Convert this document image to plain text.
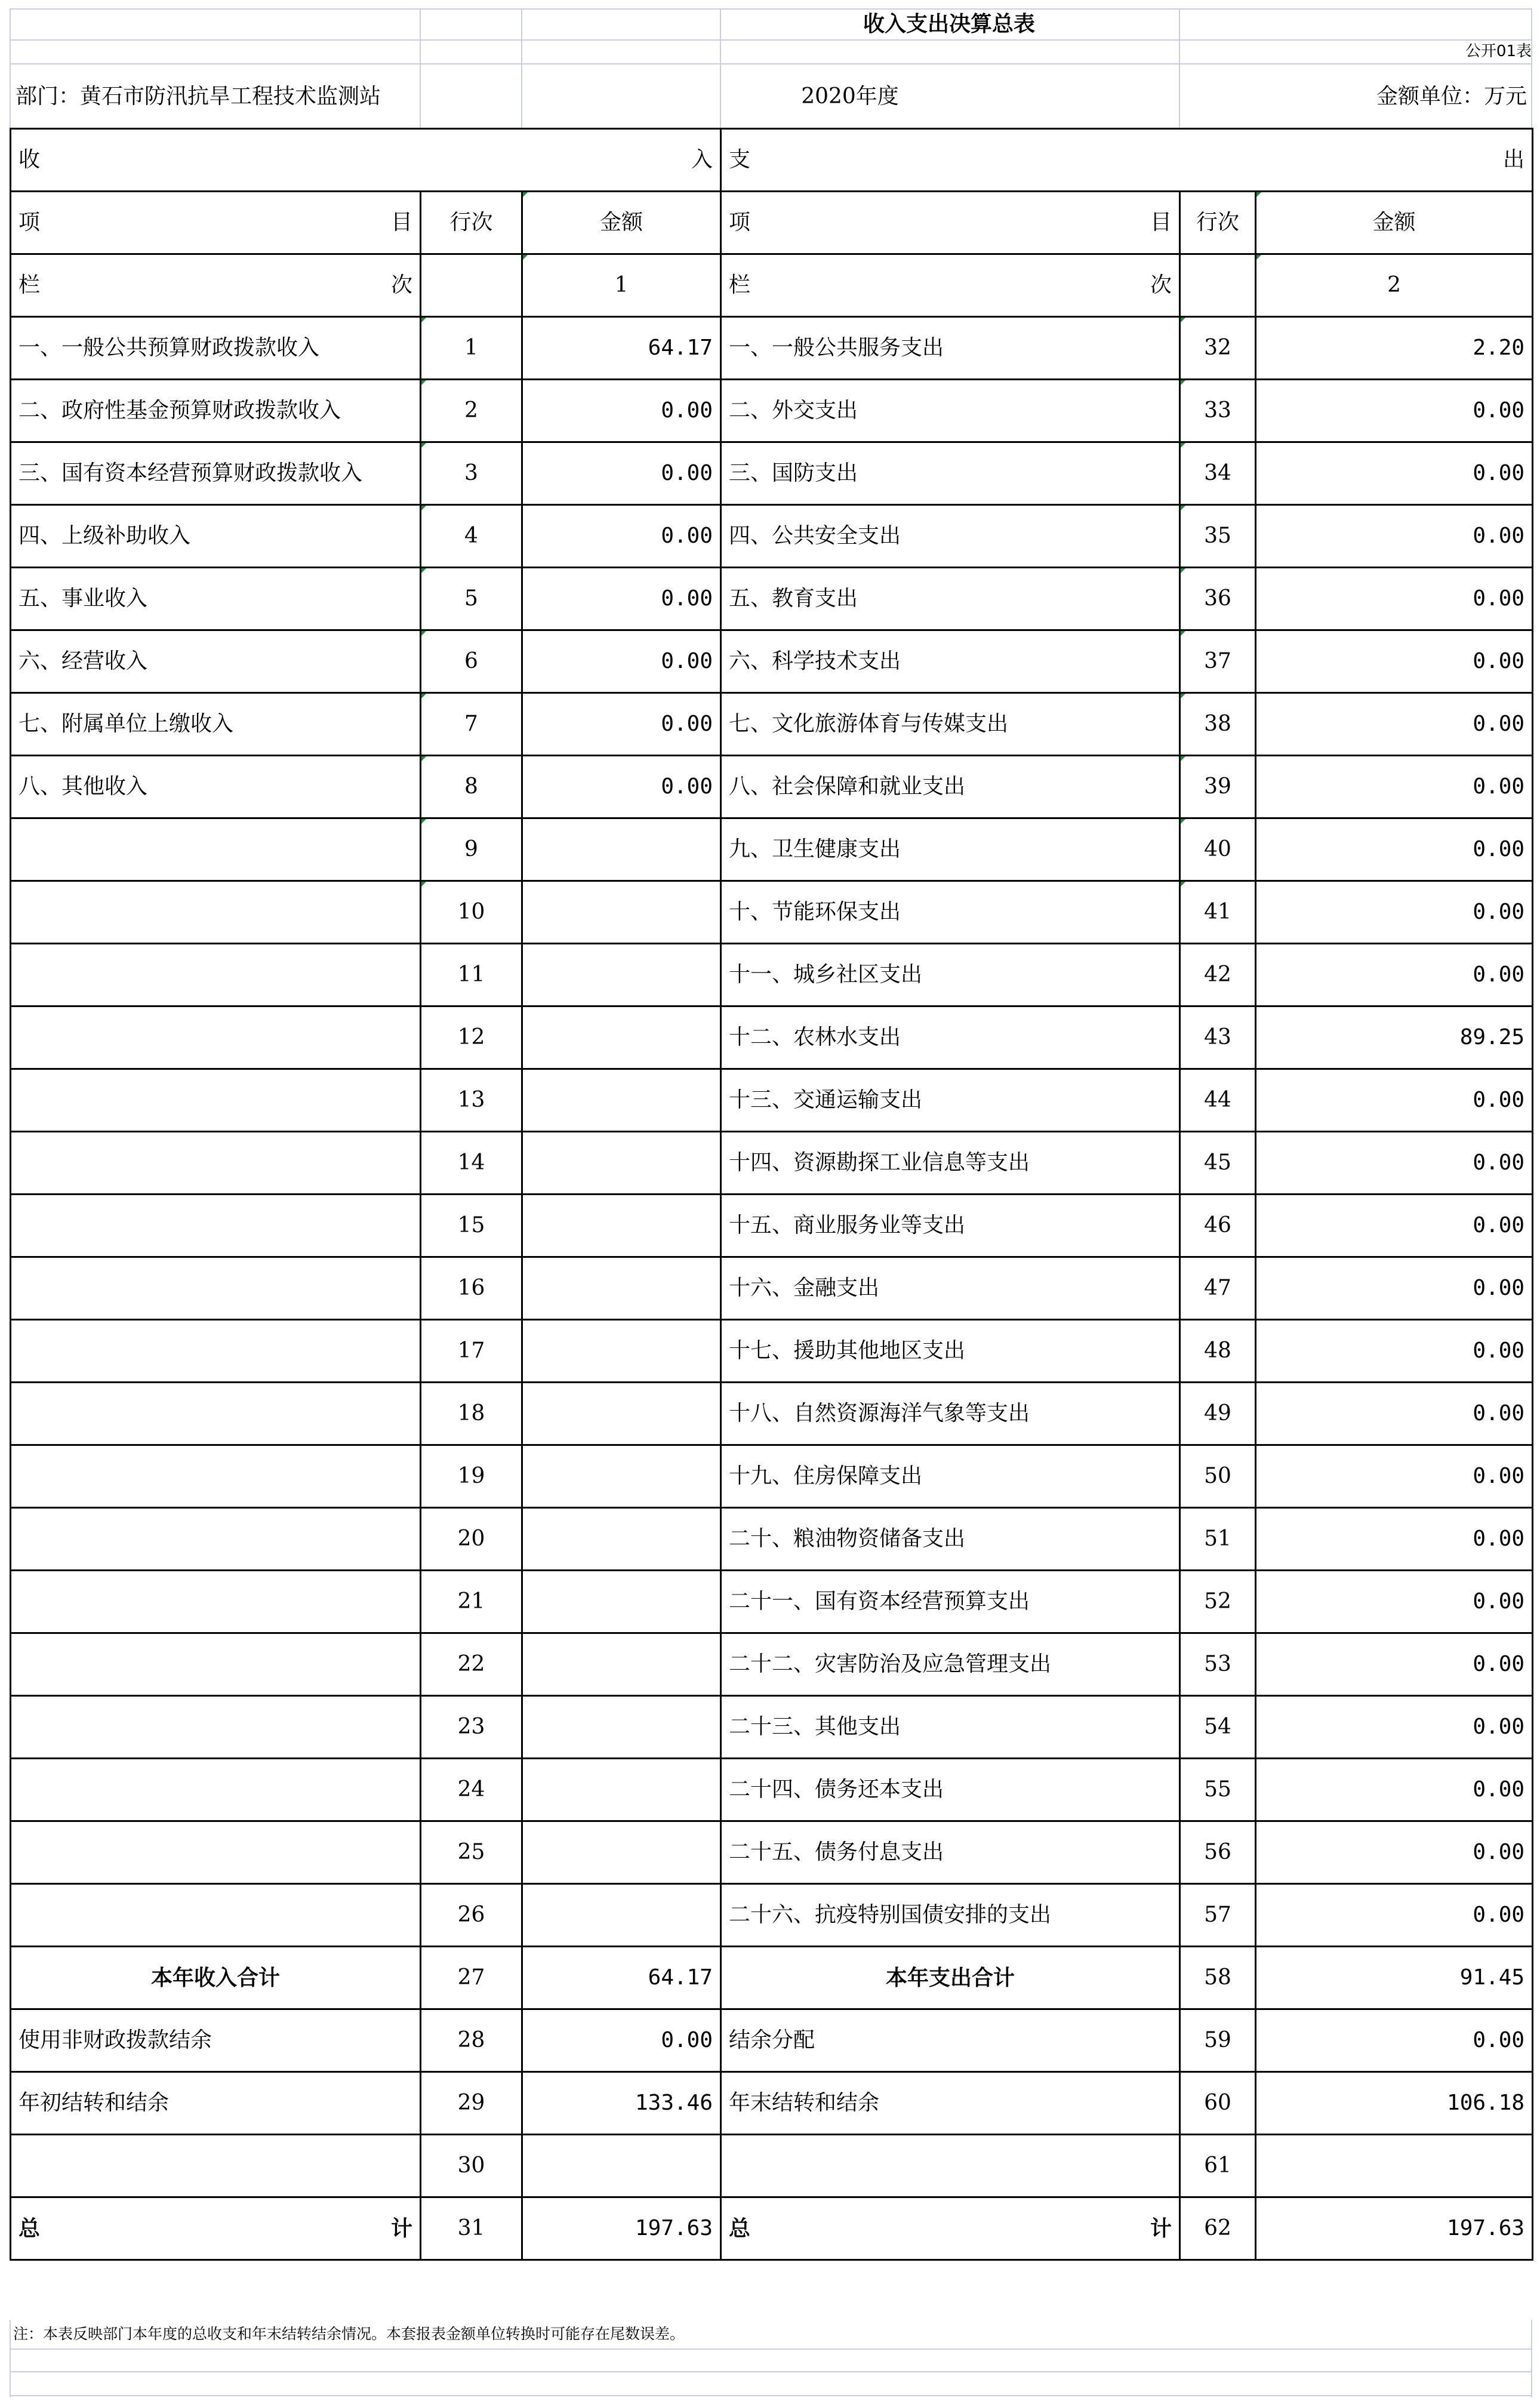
收入支出决算总表
公开01表
部门：黄石市防汛抗旱工程技术监测站	2020年度	金额单位：万元
收 入			支 出		

项 目	行次	金额	项 目	行次	金额

栏 次		1	栏 次		2
一、一般公共预算财政拨款收入	1	64.17	一、一般公共服务支出	32	2.20
二、政府性基金预算财政拨款收入	2	0.00	二、外交支出	33	0.00
三、国有资本经营预算财政拨款收入	3	0.00	三、国防支出	34	0.00
四、上级补助收入	4	0.00	四、公共安全支出	35	0.00
五、事业收入	5	0.00	五、教育支出	36	0.00
六、经营收入	6	0.00	六、科学技术支出	37	0.00
七、附属单位上缴收入	7	0.00	七、文化旅游体育与传媒支出	38	0.00
八、其他收入	8	0.00	八、社会保障和就业支出	39	0.00
	9		九、卫生健康支出	40	0.00
	10		十、节能环保支出	41	0.00
	11		十一、城乡社区支出	42	0.00
	12		十二、农林水支出	43	89.25
	13		十三、交通运输支出	44	0.00
	14		十四、资源勘探工业信息等支出	45	0.00
	15		十五、商业服务业等支出	46	0.00
	16		十六、金融支出	47	0.00
	17		十七、援助其他地区支出	48	0.00
	18		十八、自然资源海洋气象等支出	49	0.00
	19		十九、住房保障支出	50	0.00
	20		二十、粮油物资储备支出	51	0.00
	21		二十一、国有资本经营预算支出	52	0.00
	22		二十二、灾害防治及应急管理支出	53	0.00
	23		二十三、其他支出	54	0.00
	24		二十四、债务还本支出	55	0.00
	25		二十五、债务付息支出	56	0.00
	26		二十六、抗疫特别国债安排的支出	57	0.00
本年收入合计	27	64.17	本年支出合计	58	91.45
使用非财政拨款结余	28	0.00	结余分配	59	0.00
年初结转和结余	29	133.46	年末结转和结余	60	106.18
	30			61	

总 计	31	197.63	总 计	62	197.63
注：本表反映部门本年度的总收支和年末结转结余情况。本套报表金额单位转换时可能存在尾数误差。
